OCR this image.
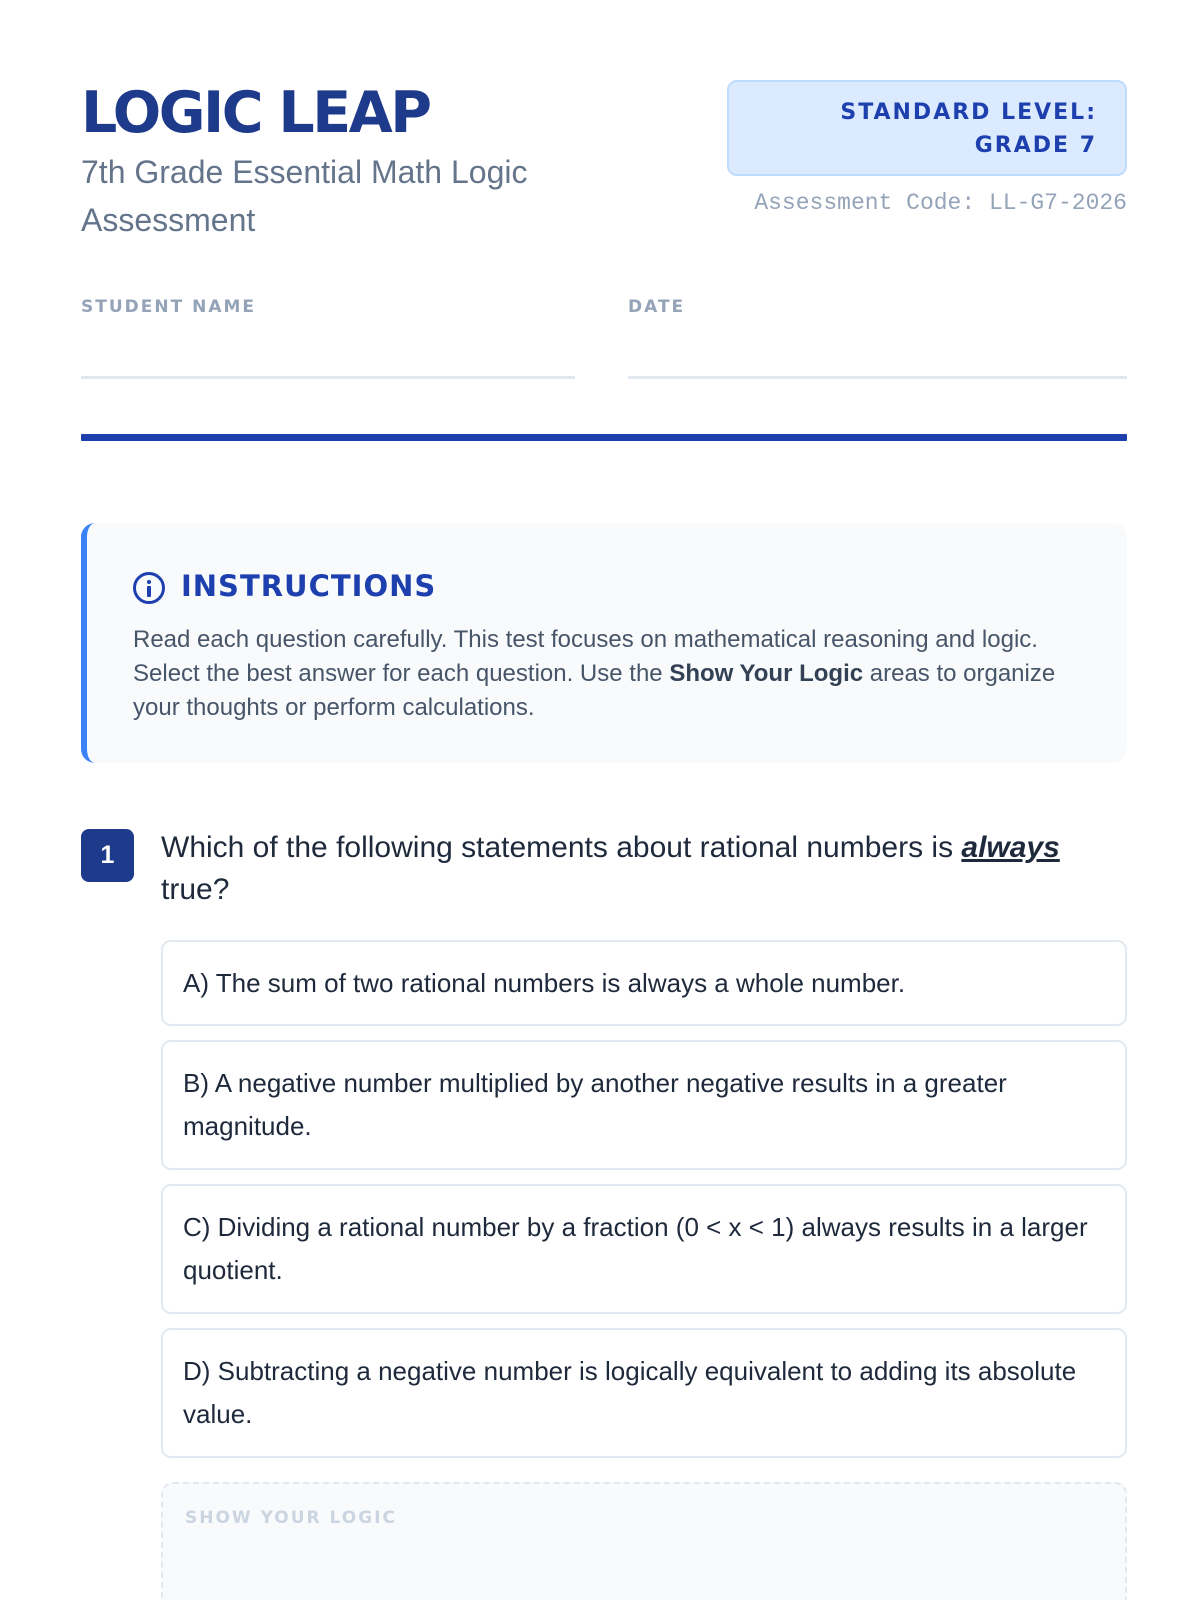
LOGIC LEAP
7th Grade Essential Math Logic Assessment
STANDARD LEVEL: GRADE 7
Assessment Code: LL-G7-2026
STUDENT NAME	DATE
INSTRUCTIONS
Read each question carefully. This test focuses on mathematical reasoning and logic. Select the best answer for each question. Use the Show Your Logic areas to organize your thoughts or perform calculations.
1	Which of the following statements about rational numbers is always true?
A) The sum of two rational numbers is always a whole number.
B) A negative number multiplied by another negative results in a greater magnitude.
C) Dividing a rational number by a fraction (0 < x < 1) always results in a larger quotient.
D) Subtracting a negative number is logically equivalent to adding its absolute value.
SHOW YOUR LOGIC
